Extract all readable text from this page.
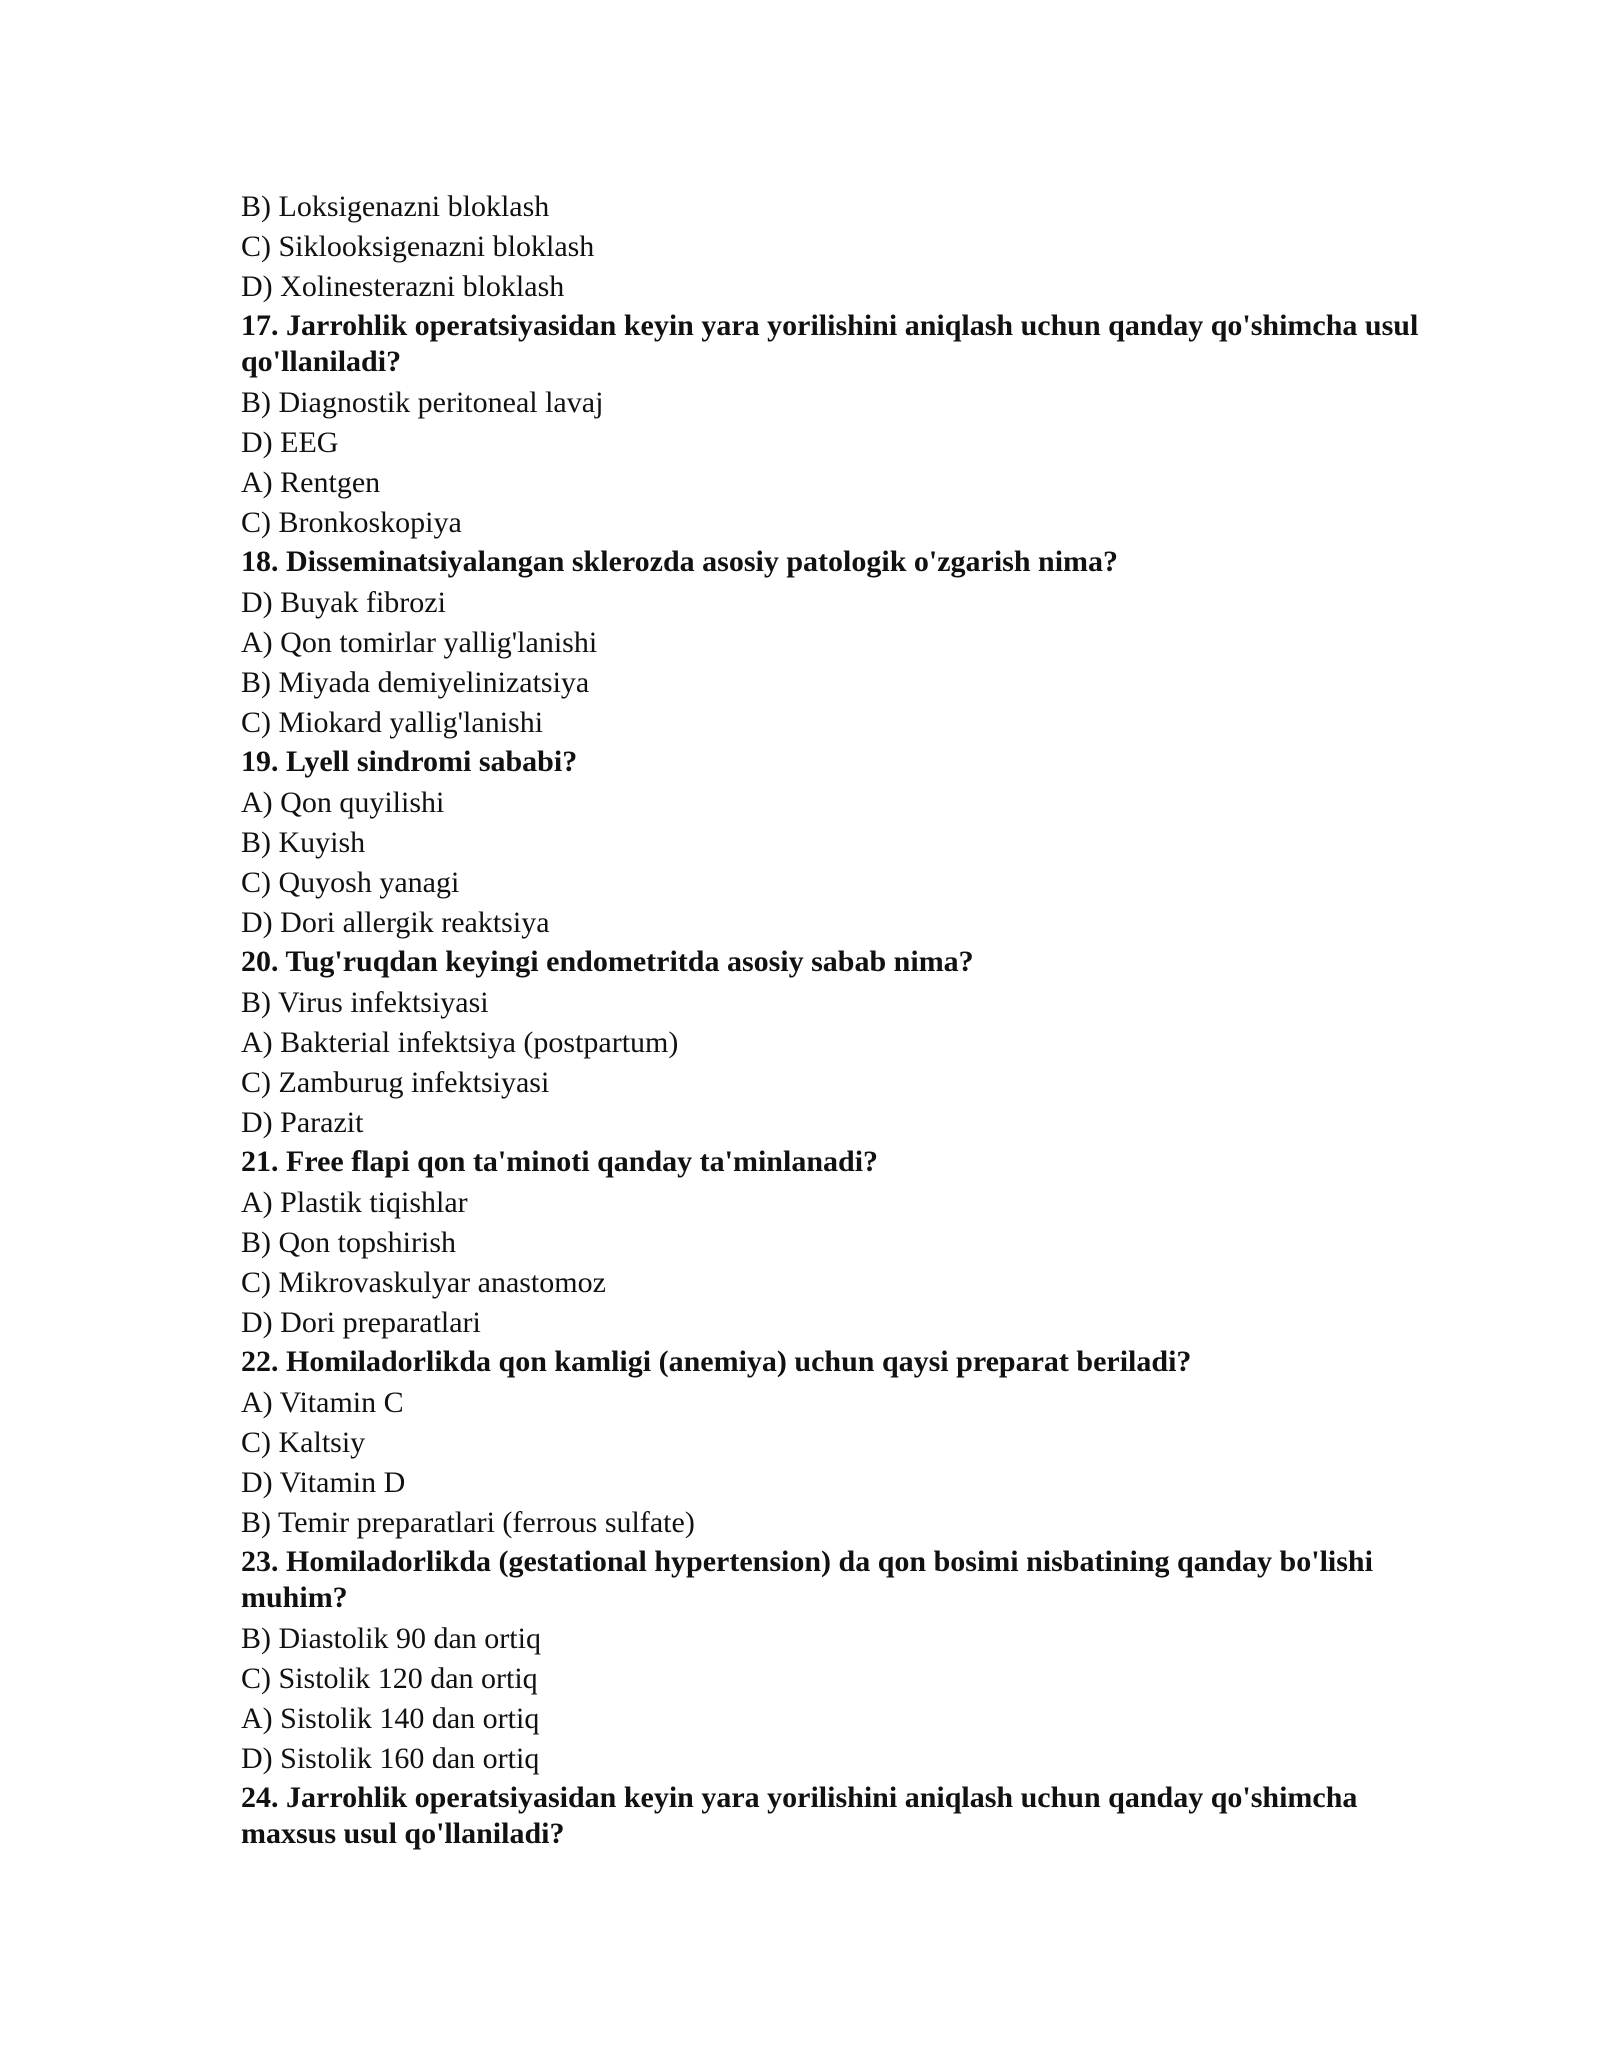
B) Loksigenazni bloklash
C) Siklooksigenazni bloklash
D) Xolinesterazni bloklash
17. Jarrohlik operatsiyasidan keyin yara yorilishini aniqlash uchun qanday qo'shimcha usul qo'llaniladi?
B) Diagnostik peritoneal lavaj
D) EEG
A) Rentgen
C) Bronkoskopiya
18. Disseminatsiyalangan sklerozda asosiy patologik o'zgarish nima?
D) Buyak fibrozi
A) Qon tomirlar yallig'lanishi
B) Miyada demiyelinizatsiya
C) Miokard yallig'lanishi
19. Lyell sindromi sababi?
A) Qon quyilishi
B) Kuyish
C) Quyosh yanagi
D) Dori allergik reaktsiya
20. Tug'ruqdan keyingi endometritda asosiy sabab nima?
B) Virus infektsiyasi
A) Bakterial infektsiya (postpartum)
C) Zamburug infektsiyasi
D) Parazit
21. Free flapi qon ta'minoti qanday ta'minlanadi?
A) Plastik tiqishlar
B) Qon topshirish
C) Mikrovaskulyar anastomoz
D) Dori preparatlari
22. Homiladorlikda qon kamligi (anemiya) uchun qaysi preparat beriladi?
A) Vitamin C
C) Kaltsiy
D) Vitamin D
B) Temir preparatlari (ferrous sulfate)
23. Homiladorlikda (gestational hypertension) da qon bosimi nisbatining qanday bo'lishi muhim?
B) Diastolik 90 dan ortiq
C) Sistolik 120 dan ortiq
A) Sistolik 140 dan ortiq
D) Sistolik 160 dan ortiq
24. Jarrohlik operatsiyasidan keyin yara yorilishini aniqlash uchun qanday qo'shimcha maxsus usul qo'llaniladi?
